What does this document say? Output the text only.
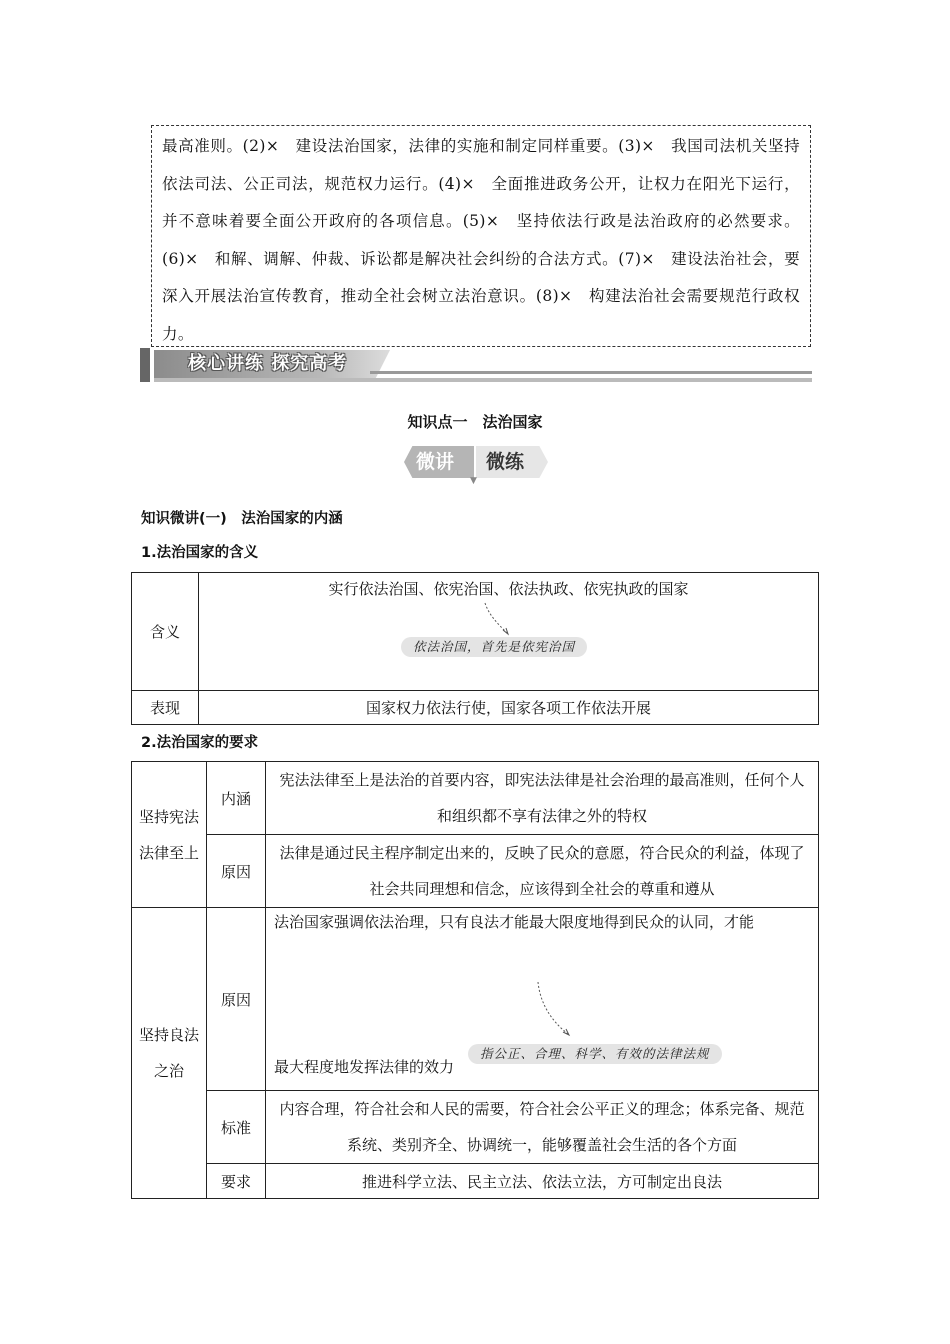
最高准则。(2)×　建设法治国家，法律的实施和制定同样重要。(3)×　我国司法机关坚持依法司法、公正司法，规范权力运行。(4)×　全面推进政务公开，让权力在阳光下运行，并不意味着要全面公开政府的各项信息。(5)×　坚持依法行政是法治政府的必然要求。(6)×　和解、调解、仲裁、诉讼都是解决社会纠纷的合法方式。(7)×　建设法治社会，要深入开展法治宣传教育，推动全社会树立法治意识。(8)×　构建法治社会需要规范行政权力。

核心讲练 探究高考
知识点一　法治国家
微讲 微练
▼
知识微讲(一)　法治国家的内涵
1.法治国家的含义
2.法治国家的要求
含义	实行依法治国、依宪治国、依法执政、依宪执政的国家
依法治国，首先是依宪治国

表现	国家权力依法行使，国家各项工作依法开展
坚持宪法法律至上	内涵	宪法法律至上是法治的首要内容，即宪法法律是社会治理的最高准则，任何个人和组织都不享有法律之外的特权
	原因	法律是通过民主程序制定出来的，反映了民众的意愿，符合民众的利益，体现了社会共同理想和信念，应该得到全社会的尊重和遵从
坚持良法之治	原因	法治国家强调依法治理，只有良法才能最大限度地得到民众的认同，才能
最大程度地发挥法律的效力
指公正、合理、科学、有效的法律法规

	标准	内容合理，符合社会和人民的需要，符合社会公平正义的理念；体系完备、规范系统、类别齐全、协调统一，能够覆盖社会生活的各个方面
	要求	推进科学立法、民主立法、依法立法，方可制定出良法
